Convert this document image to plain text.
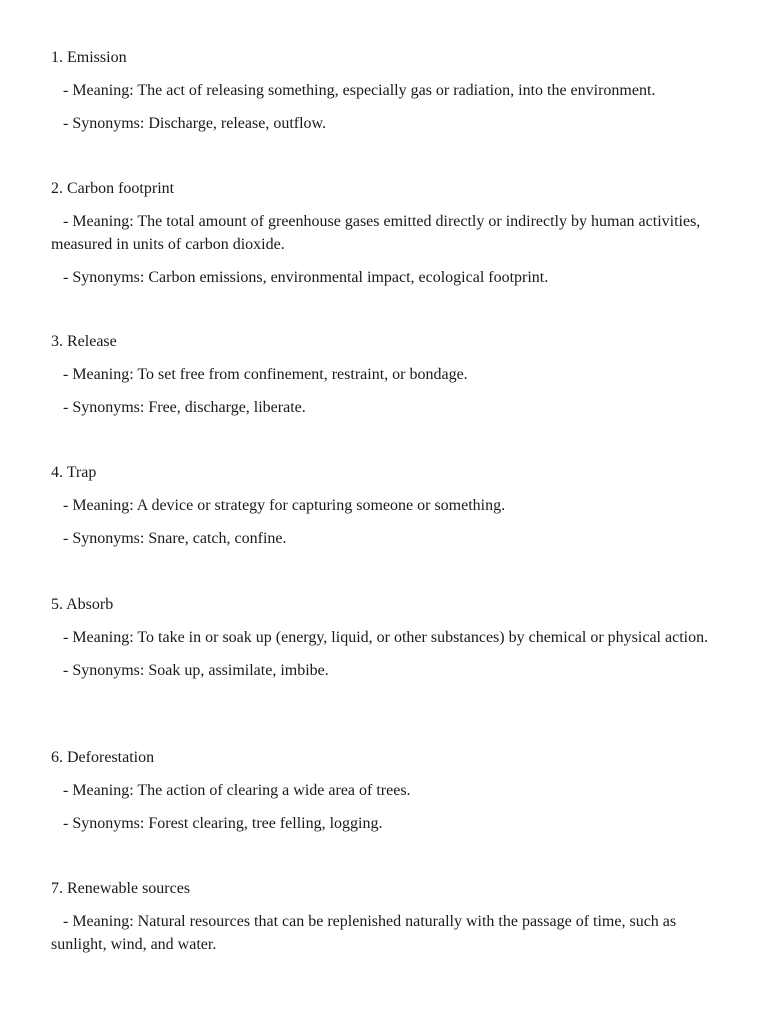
1. Emission

- Meaning: The act of releasing something, especially gas or radiation, into the environment.

- Synonyms: Discharge, release, outflow.

2. Carbon footprint

- Meaning: The total amount of greenhouse gases emitted directly or indirectly by human activities, measured in units of carbon dioxide.

- Synonyms: Carbon emissions, environmental impact, ecological footprint.

3. Release

- Meaning: To set free from confinement, restraint, or bondage.

- Synonyms: Free, discharge, liberate.

4. Trap

- Meaning: A device or strategy for capturing someone or something.

- Synonyms: Snare, catch, confine.

5. Absorb

- Meaning: To take in or soak up (energy, liquid, or other substances) by chemical or physical action.

- Synonyms: Soak up, assimilate, imbibe.

6. Deforestation

- Meaning: The action of clearing a wide area of trees.

- Synonyms: Forest clearing, tree felling, logging.

7. Renewable sources

- Meaning: Natural resources that can be replenished naturally with the passage of time, such as sunlight, wind, and water.
